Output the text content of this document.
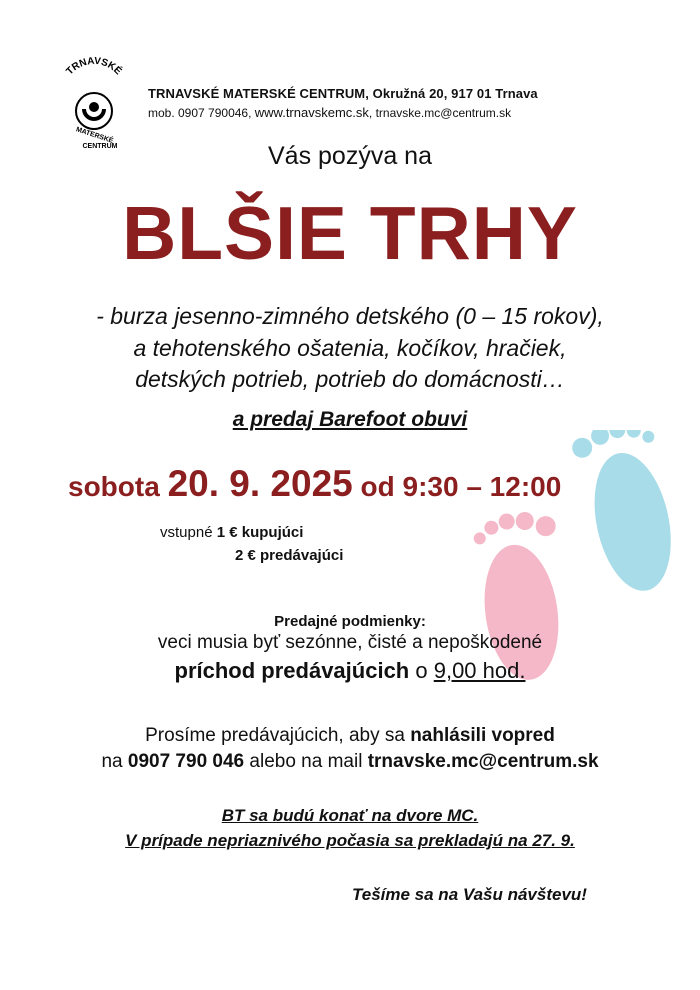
TRNAVSKÉ
MATERSKÉ
CENTRUM
TRNAVSKÉ MATERSKÉ CENTRUM, Okružná 20, 917 01 Trnava
mob. 0907 790046, www.trnavskemc.sk, trnavske.mc@centrum.sk
Vás pozýva na
BLŠIE TRHY
- burza jesenno-zimného detského (0 – 15 rokov),
a tehotenského ošatenia, kočíkov, hračiek,
detských potrieb, potrieb do domácnosti…
a predaj Barefoot obuvi
sobota 20. 9. 2025 od 9:30 – 12:00
vstupné 1 € kupujúci
2 € predávajúci
Predajné podmienky:
veci musia byť sezónne, čisté a nepoškodené
príchod predávajúcich o 9,00 hod.
Prosíme predávajúcich, aby sa nahlásili vopred
na 0907 790 046 alebo na mail trnavske.mc@centrum.sk
BT sa budú konať na dvore MC.
V prípade nepriaznivého počasia sa prekladajú na 27. 9.
Tešíme sa na Vašu návštevu!
